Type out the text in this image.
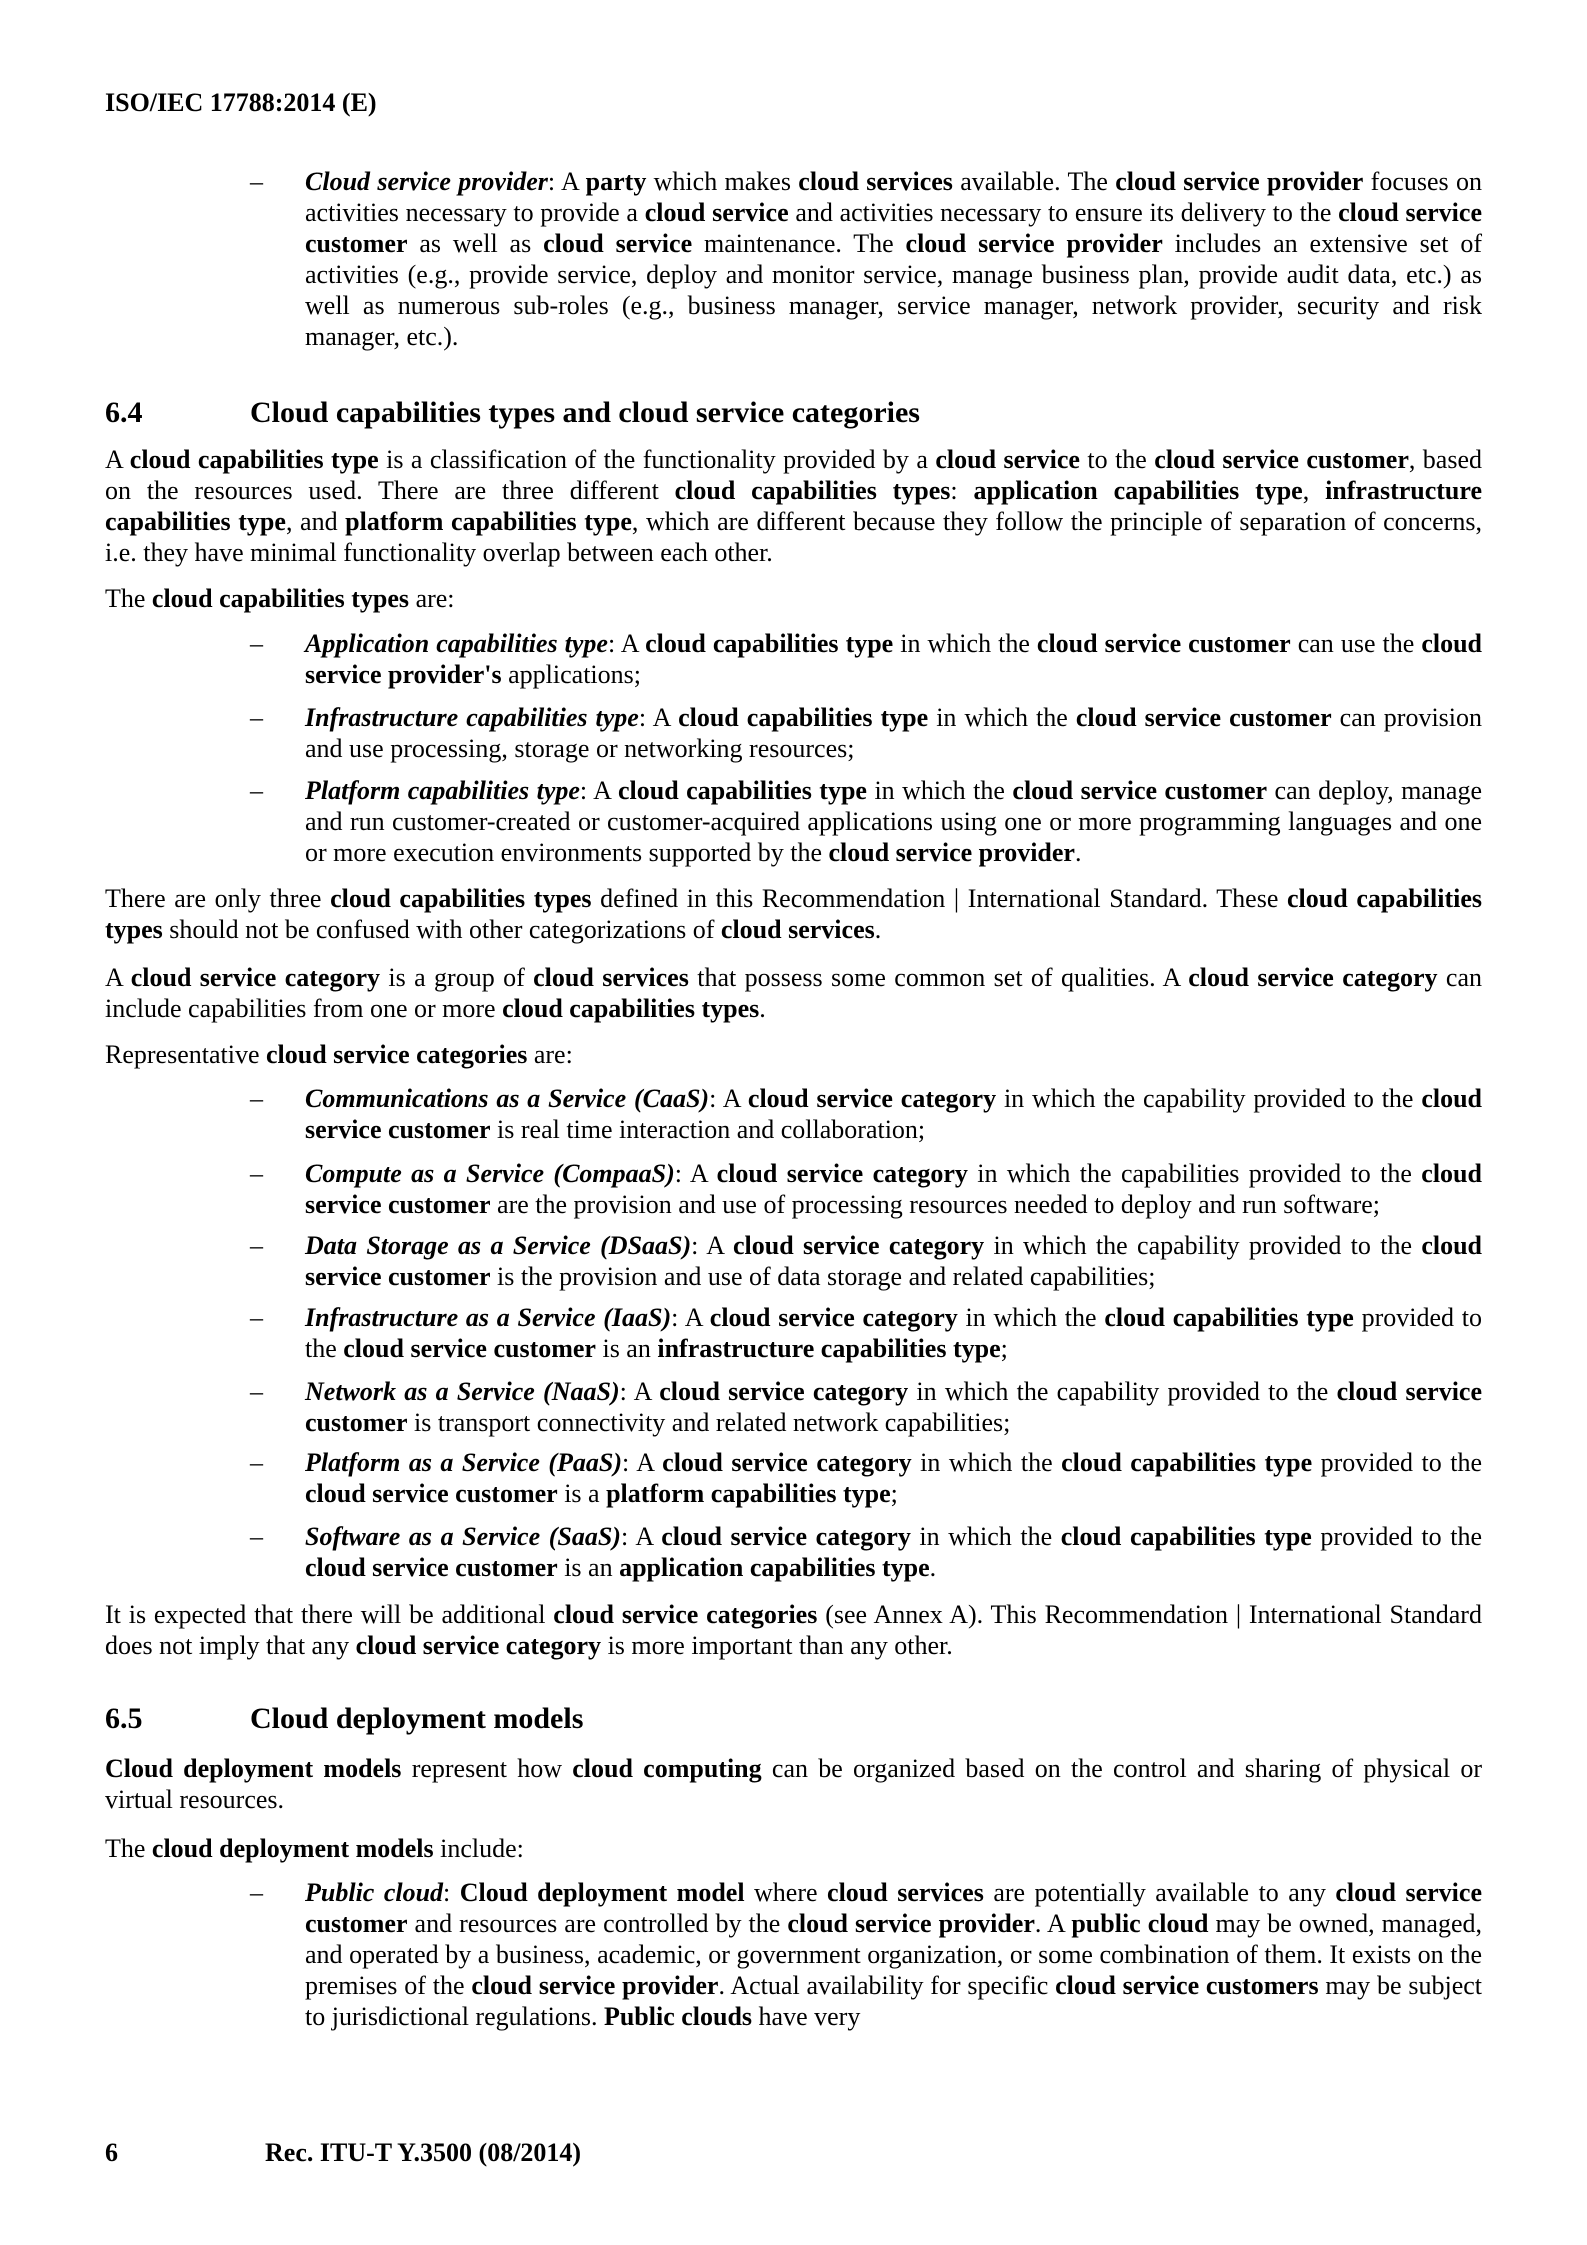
ISO/IEC 17788:2014 (E)
– Cloud service provider: A party which makes cloud services available. The cloud service provider focuses on activities necessary to provide a cloud service and activities necessary to ensure its delivery to the cloud service customer as well as cloud service maintenance. The cloud service provider includes an extensive set of activities (e.g., provide service, deploy and monitor service, manage business plan, provide audit data, etc.) as well as numerous sub-roles (e.g., business manager, service manager, network provider, security and risk manager, etc.).
6.4	Cloud capabilities types and cloud service categories
A cloud capabilities type is a classification of the functionality provided by a cloud service to the cloud service customer, based on the resources used. There are three different cloud capabilities types: application capabilities type, infrastructure capabilities type, and platform capabilities type, which are different because they follow the principle of separation of concerns, i.e. they have minimal functionality overlap between each other.
The cloud capabilities types are:
– Application capabilities type: A cloud capabilities type in which the cloud service customer can use the cloud service provider's applications;
– Infrastructure capabilities type: A cloud capabilities type in which the cloud service customer can provision and use processing, storage or networking resources;
– Platform capabilities type: A cloud capabilities type in which the cloud service customer can deploy, manage and run customer-created or customer-acquired applications using one or more programming languages and one or more execution environments supported by the cloud service provider.
There are only three cloud capabilities types defined in this Recommendation | International Standard. These cloud capabilities types should not be confused with other categorizations of cloud services.
A cloud service category is a group of cloud services that possess some common set of qualities. A cloud service category can include capabilities from one or more cloud capabilities types.
Representative cloud service categories are:
– Communications as a Service (CaaS): A cloud service category in which the capability provided to the cloud service customer is real time interaction and collaboration;
– Compute as a Service (CompaaS): A cloud service category in which the capabilities provided to the cloud service customer are the provision and use of processing resources needed to deploy and run software;
– Data Storage as a Service (DSaaS): A cloud service category in which the capability provided to the cloud service customer is the provision and use of data storage and related capabilities;
– Infrastructure as a Service (IaaS): A cloud service category in which the cloud capabilities type provided to the cloud service customer is an infrastructure capabilities type;
– Network as a Service (NaaS): A cloud service category in which the capability provided to the cloud service customer is transport connectivity and related network capabilities;
– Platform as a Service (PaaS): A cloud service category in which the cloud capabilities type provided to the cloud service customer is a platform capabilities type;
– Software as a Service (SaaS): A cloud service category in which the cloud capabilities type provided to the cloud service customer is an application capabilities type.
It is expected that there will be additional cloud service categories (see Annex A). This Recommendation | International Standard does not imply that any cloud service category is more important than any other.
6.5	Cloud deployment models
Cloud deployment models represent how cloud computing can be organized based on the control and sharing of physical or virtual resources.
The cloud deployment models include:
– Public cloud: Cloud deployment model where cloud services are potentially available to any cloud service customer and resources are controlled by the cloud service provider. A public cloud may be owned, managed, and operated by a business, academic, or government organization, or some combination of them. It exists on the premises of the cloud service provider. Actual availability for specific cloud service customers may be subject to jurisdictional regulations. Public clouds have very
6	Rec. ITU-T Y.3500 (08/2014)
